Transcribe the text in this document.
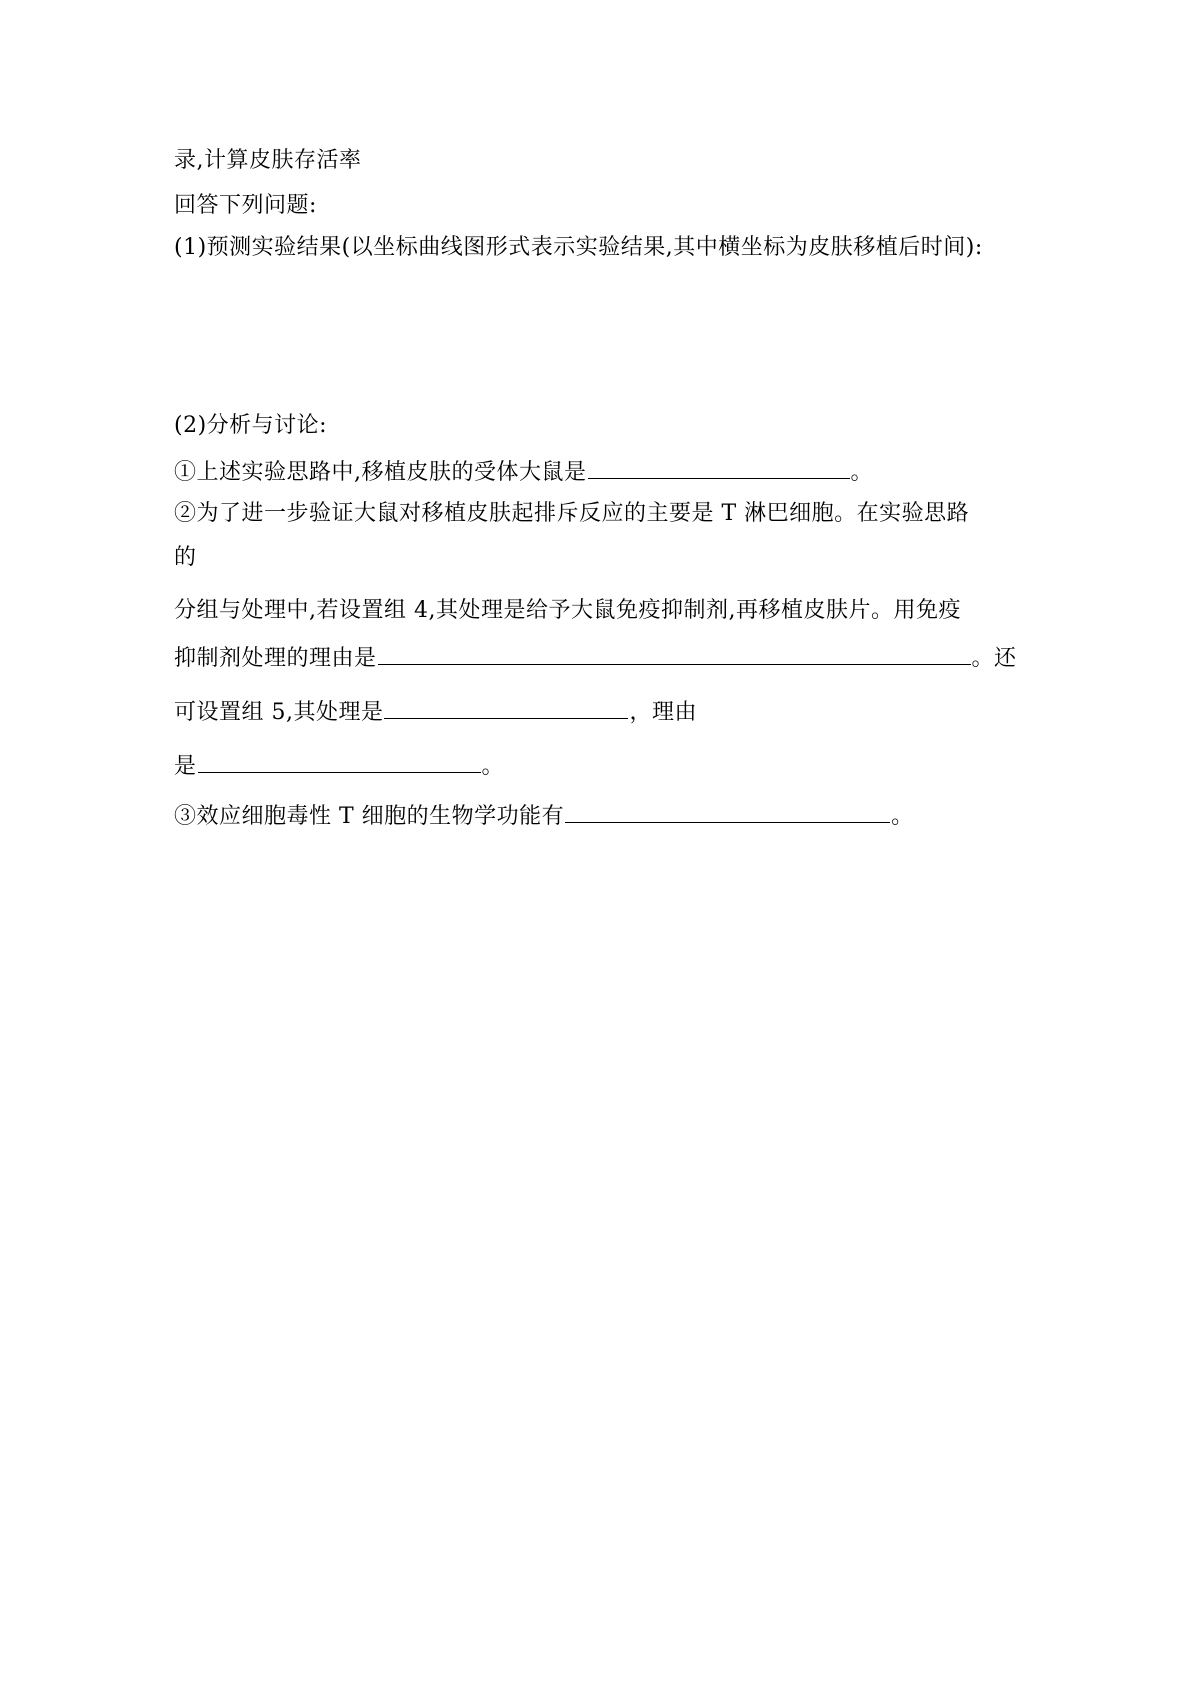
录,计算皮肤存活率
回答下列问题:
(1)预测实验结果(以坐标曲线图形式表示实验结果,其中横坐标为皮肤移植后时间):
(2)分析与讨论:
①上述实验思路中,移植皮肤的受体大鼠是	。
②为了进一步验证大鼠对移植皮肤起排斥反应的主要是 T 淋巴细胞。在实验思路
的
分组与处理中,若设置组 4,其处理是给予大鼠免疫抑制剂,再移植皮肤片。用免疫
抑制剂处理的理由是	。还
可设置组 5,其处理是	，理由
是	。
③效应细胞毒性 T 细胞的生物学功能有	。
